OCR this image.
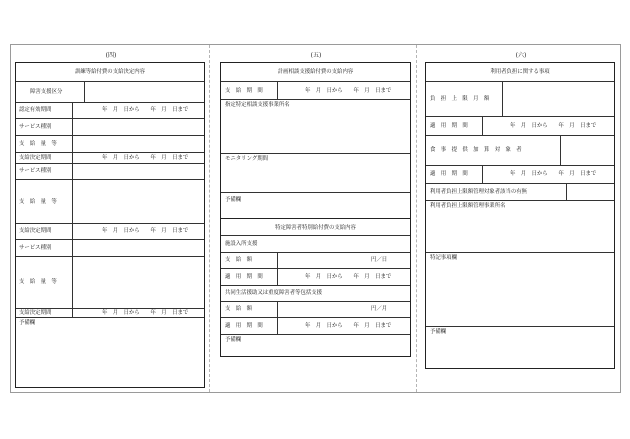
(四)	(五)	(六)
訓練等給付費の支給決定内容
障害支援区分
認定有効期間	年　月　日から　　年　月　日まで
サービス種別
支　給　量　等
支給決定期間	年　月　日から　　年　月　日まで
サービス種別
支　給　量　等
支給決定期間	年　月　日から　　年　月　日まで
サービス種別
支　給　量　等
支給決定期間	年　月　日から　　年　月　日まで
予備欄
計画相談支援給付費の支給内容
支　給　期　間	年　月　日から　　年　月　日まで
指定特定相談支援事業所名
モニタリング期間
予備欄
特定障害者特別給付費の支給内容
施設入所支援
支　給　額	円／日
適　用　期　間	年　月　日から　　年　月　日まで
共同生活援助又は重度障害者等包括支援
支　給　額	円／月
適　用　期　間	年　月　日から　　年　月　日まで
予備欄
利用者負担に関する事項
負　担　上　限　月　額
適　用　期　間	年　月　日から　　年　月　日まで
食　事　提　供　加　算　対　象　者
適　用　期　間	年　月　日から　　年　月　日まで
利用者負担上限額管理対象者該当の有無
利用者負担上限額管理事業所名
特記事項欄
予備欄
